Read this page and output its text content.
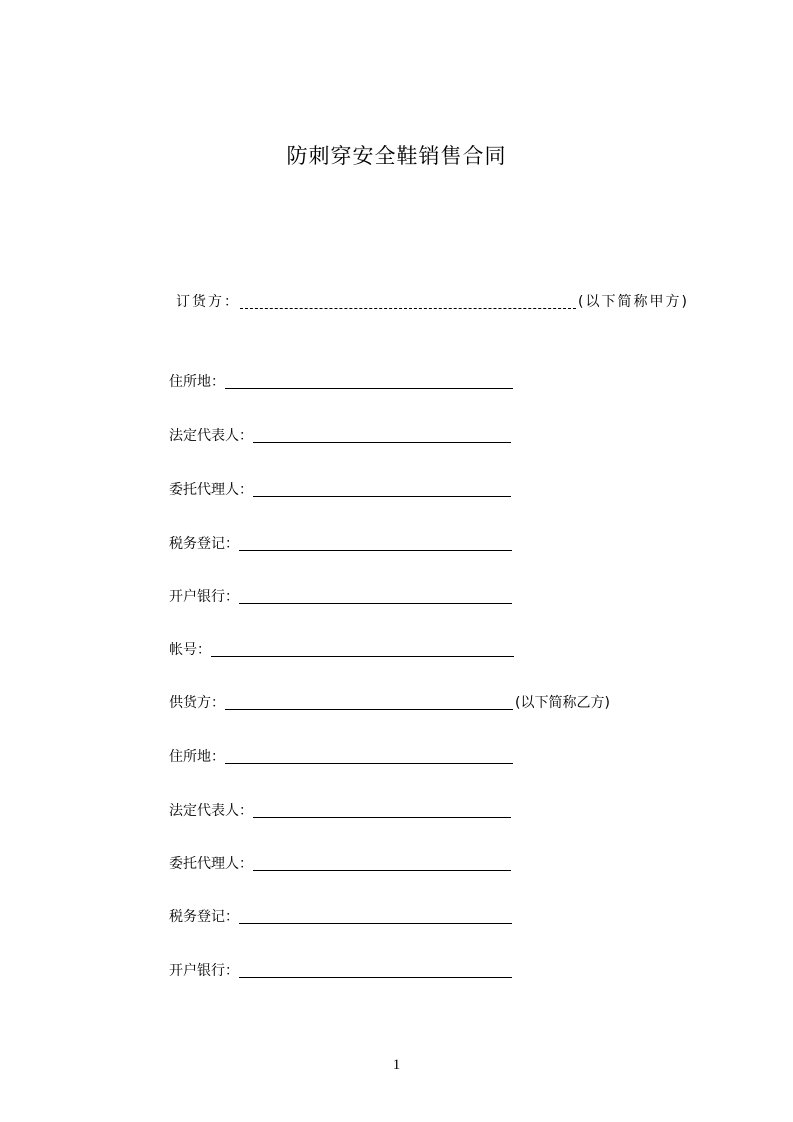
防刺穿安全鞋销售合同
订货方：	(以下简称甲方)
住所地：
法定代表人：
委托代理人：
税务登记：
开户银行：
帐号：
供货方：	(以下简称乙方)
住所地：
法定代表人：
委托代理人：
税务登记：
开户银行：
1
